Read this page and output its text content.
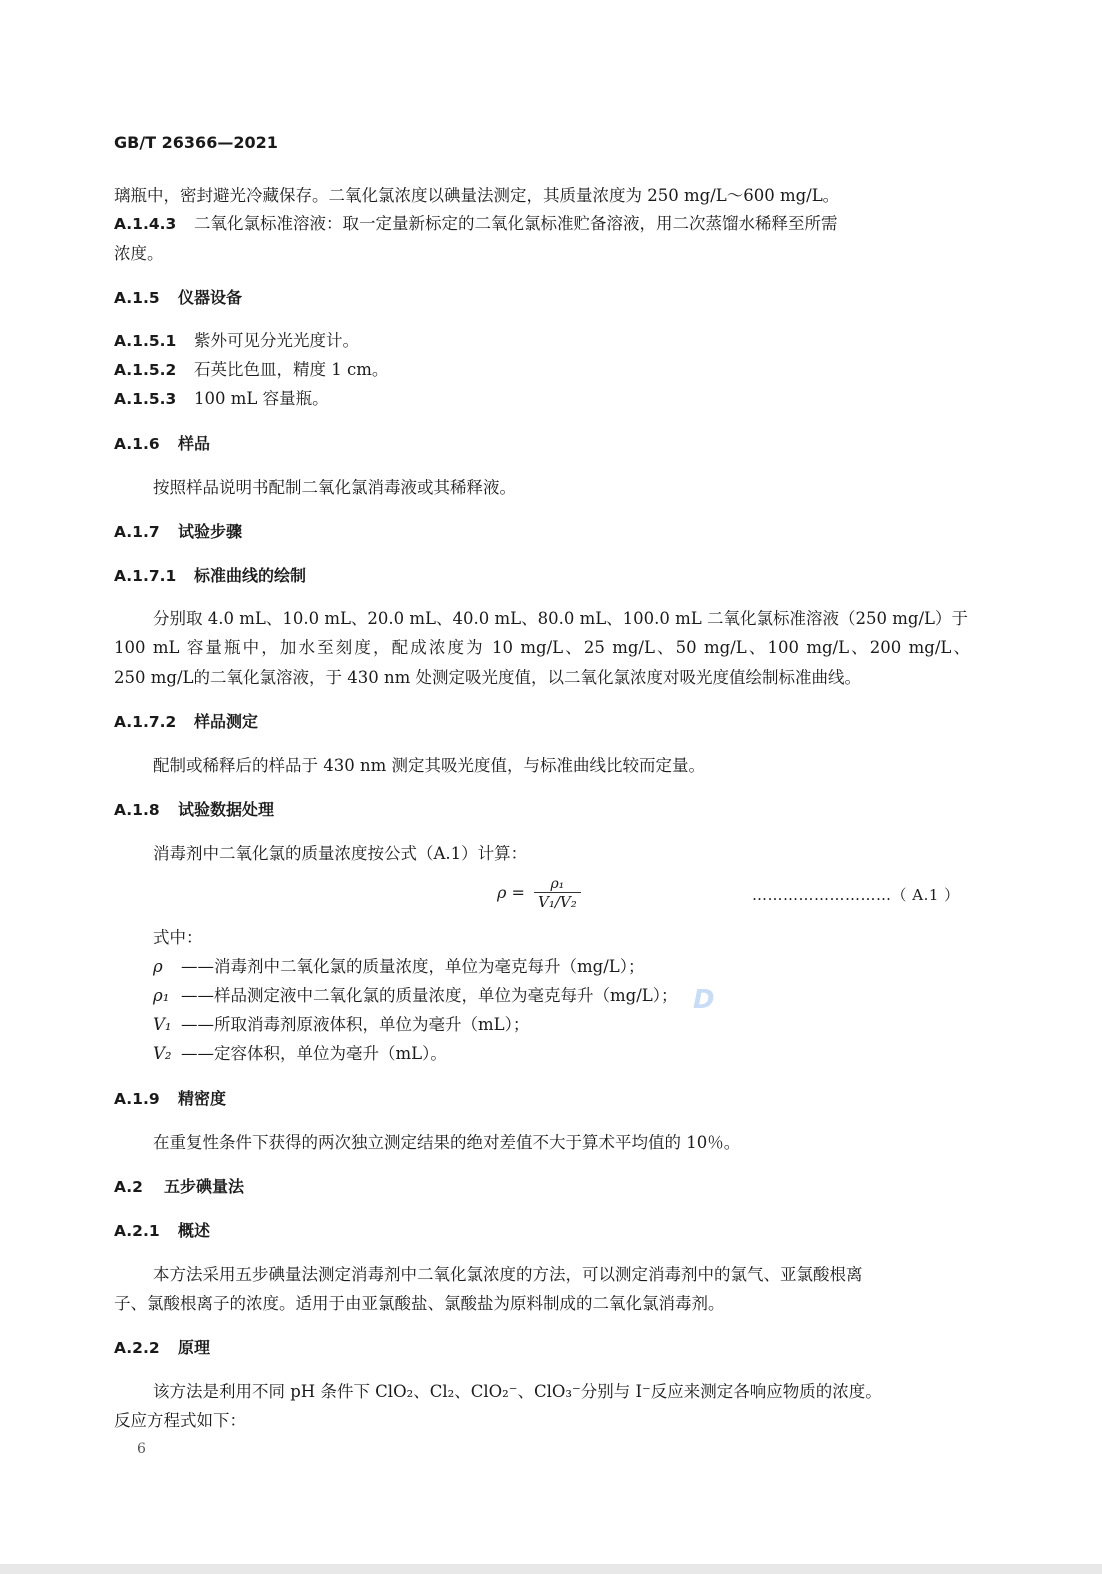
GB/T 26366—2021
璃瓶中，密封避光冷藏保存。二氧化氯浓度以碘量法测定，其质量浓度为 250 mg/L～600 mg/L。
A.1.4.3 二氧化氯标准溶液：取一定量新标定的二氧化氯标准贮备溶液，用二次蒸馏水稀释至所需
浓度。
A.1.5 仪器设备
A.1.5.1 紫外可见分光光度计。
A.1.5.2 石英比色皿，精度 1 cm。
A.1.5.3 100 mL 容量瓶。
A.1.6 样品
按照样品说明书配制二氧化氯消毒液或其稀释液。
A.1.7 试验步骤
A.1.7.1 标准曲线的绘制
分别取 4.0 mL、10.0 mL、20.0 mL、40.0 mL、80.0 mL、100.0 mL 二氧化氯标准溶液（250 mg/L）于
100 mL 容量瓶中，加水至刻度，配成浓度为 10 mg/L、25 mg/L、50 mg/L、100 mg/L、200 mg/L、
250 mg/L的二氧化氯溶液，于 430 nm 处测定吸光度值，以二氧化氯浓度对吸光度值绘制标准曲线。
A.1.7.2 样品测定
配制或稀释后的样品于 430 nm 测定其吸光度值，与标准曲线比较而定量。
A.1.8 试验数据处理
消毒剂中二氧化氯的质量浓度按公式（A.1）计算：
$\rho = \frac{\text{ρ₁}}{\text{V₁/V₂}}$	………………………（ A.1 ）
式中：
ρ ——消毒剂中二氧化氯的质量浓度，单位为毫克每升（mg/L）；
ρ₁ ——样品测定液中二氧化氯的质量浓度，单位为毫克每升（mg/L）；
V₁ ——所取消毒剂原液体积，单位为毫升（mL）；
V₂ ——定容体积，单位为毫升（mL）。
A.1.9 精密度
在重复性条件下获得的两次独立测定结果的绝对差值不大于算术平均值的 10％。
A.2 五步碘量法
A.2.1 概述
本方法采用五步碘量法测定消毒剂中二氧化氯浓度的方法，可以测定消毒剂中的氯气、亚氯酸根离
子、氯酸根离子的浓度。适用于由亚氯酸盐、氯酸盐为原料制成的二氧化氯消毒剂。
A.2.2 原理
该方法是利用不同 pH 条件下 ClO₂、Cl₂、ClO₂⁻、ClO₃⁻分别与 I⁻反应来测定各响应物质的浓度。
反应方程式如下：
6
D
